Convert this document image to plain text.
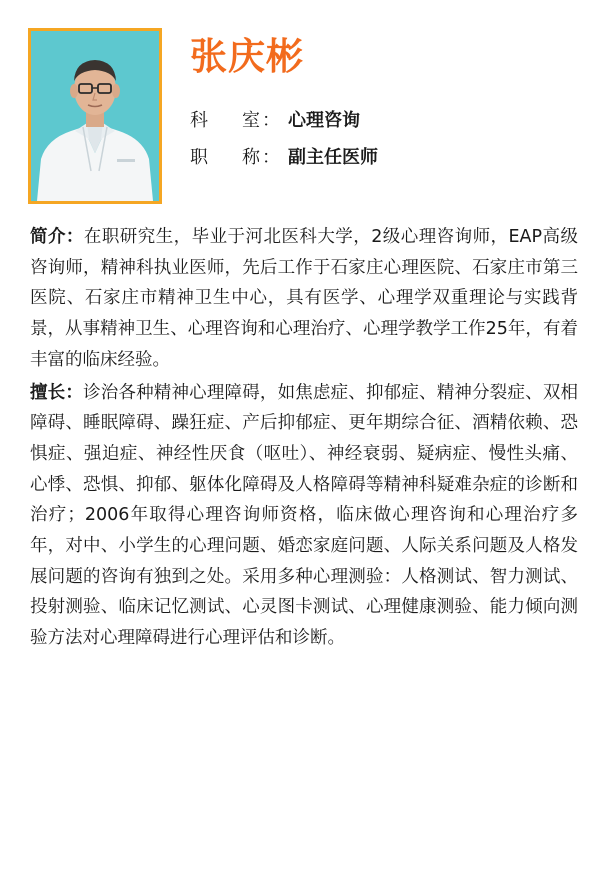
张庆彬
科　室 ： 心理咨询
职　称 ： 副主任医师

简介：在职研究生，毕业于河北医科大学，2级心理咨询师，EAP高级咨询师，精神科执业医师，先后工作于石家庄心理医院、石家庄市第三医院、石家庄市精神卫生中心，具有医学、心理学双重理论与实践背景，从事精神卫生、心理咨询和心理治疗、心理学教学工作25年，有着丰富的临床经验。

擅长：诊治各种精神心理障碍，如焦虑症、抑郁症、精神分裂症、双相障碍、睡眠障碍、躁狂症、产后抑郁症、更年期综合征、酒精依赖、恐惧症、强迫症、神经性厌食（呕吐）、神经衰弱、疑病症、慢性头痛、心悸、恐惧、抑郁、躯体化障碍及人格障碍等精神科疑难杂症的诊断和治疗；2006年取得心理咨询师资格，临床做心理咨询和心理治疗多年，对中、小学生的心理问题、婚恋家庭问题、人际关系问题及人格发展问题的咨询有独到之处。采用多种心理测验：人格测试、智力测试、投射测验、临床记忆测试、心灵图卡测试、心理健康测验、能力倾向测验方法对心理障碍进行心理评估和诊断。
